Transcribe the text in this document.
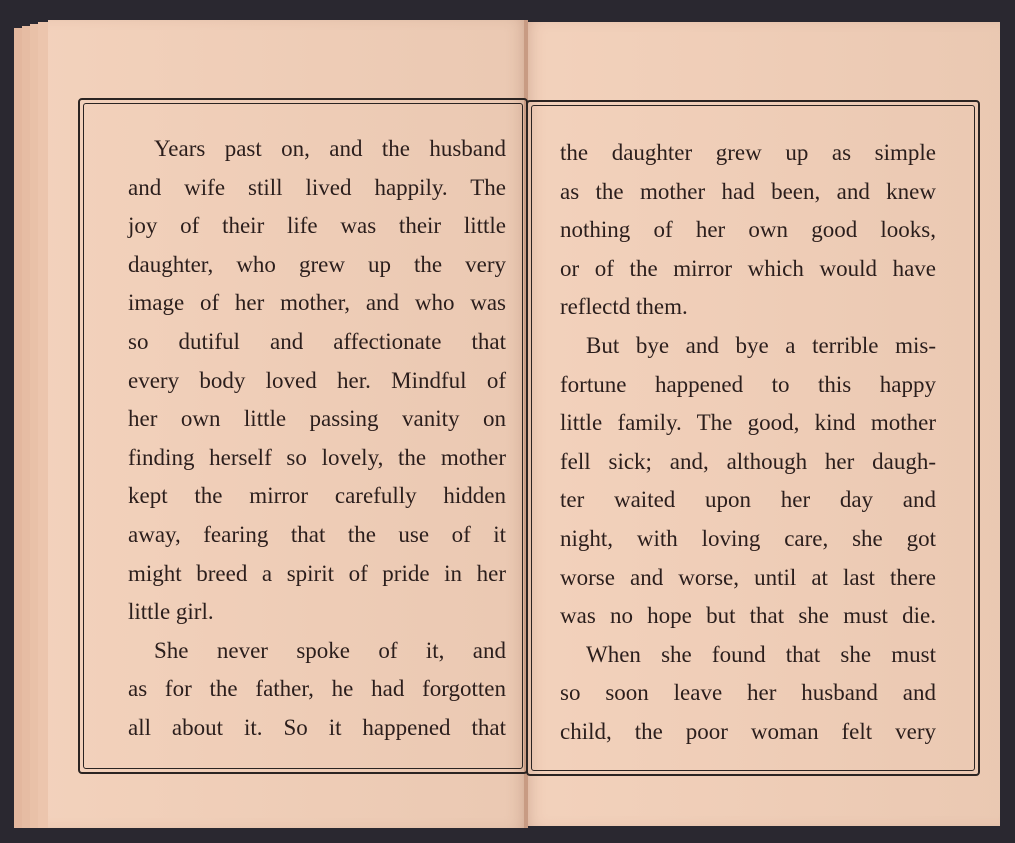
Years past on, and the husband
and wife still lived happily. The
joy of their life was their little
daughter, who grew up the very
image of her mother, and who was
so dutiful and affectionate that
every body loved her. Mindful of
her own little passing vanity on
finding herself so lovely, the mother
kept the mirror carefully hidden
away, fearing that the use of it
might breed a spirit of pride in her
little girl.
She never spoke of it, and
as for the father, he had forgotten
all about it. So it happened that
the daughter grew up as simple
as the mother had been, and knew
nothing of her own good looks,
or of the mirror which would have
reflectd them.
But bye and bye a terrible mis-
fortune happened to this happy
little family. The good, kind mother
fell sick; and, although her daugh-
ter waited upon her day and
night, with loving care, she got
worse and worse, until at last there
was no hope but that she must die.
When she found that she must
so soon leave her husband and
child, the poor woman felt very
